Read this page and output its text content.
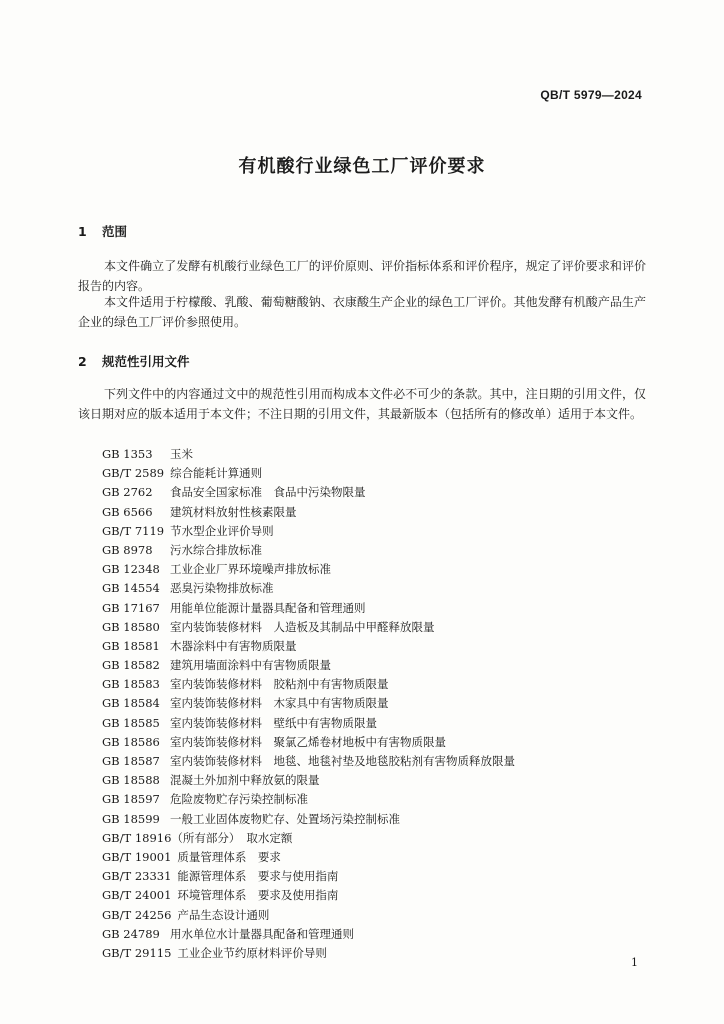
QB/T 5979—2024
有机酸行业绿色工厂评价要求
1 范围
本文件确立了发酵有机酸行业绿色工厂的评价原则、评价指标体系和评价程序，规定了评价要求和评价报告的内容。
本文件适用于柠檬酸、乳酸、葡萄糖酸钠、衣康酸生产企业的绿色工厂评价。其他发酵有机酸产品生产企业的绿色工厂评价参照使用。
2 规范性引用文件
下列文件中的内容通过文中的规范性引用而构成本文件必不可少的条款。其中，注日期的引用文件，仅该日期对应的版本适用于本文件；不注日期的引用文件，其最新版本（包括所有的修改单）适用于本文件。
GB 1353 玉米
GB/T 2589 综合能耗计算通则
GB 2762 食品安全国家标准　食品中污染物限量
GB 6566 建筑材料放射性核素限量
GB/T 7119 节水型企业评价导则
GB 8978 污水综合排放标准
GB 12348 工业企业厂界环境噪声排放标准
GB 14554 恶臭污染物排放标准
GB 17167 用能单位能源计量器具配备和管理通则
GB 18580 室内装饰装修材料　人造板及其制品中甲醛释放限量
GB 18581 木器涂料中有害物质限量
GB 18582 建筑用墙面涂料中有害物质限量
GB 18583 室内装饰装修材料　胶粘剂中有害物质限量
GB 18584 室内装饰装修材料　木家具中有害物质限量
GB 18585 室内装饰装修材料　壁纸中有害物质限量
GB 18586 室内装饰装修材料　聚氯乙烯卷材地板中有害物质限量
GB 18587 室内装饰装修材料　地毯、地毯衬垫及地毯胶粘剂有害物质释放限量
GB 18588 混凝土外加剂中释放氨的限量
GB 18597 危险废物贮存污染控制标准
GB 18599 一般工业固体废物贮存、处置场污染控制标准
GB/T 18916（所有部分） 取水定额
GB/T 19001 质量管理体系　要求
GB/T 23331 能源管理体系　要求与使用指南
GB/T 24001 环境管理体系　要求及使用指南
GB/T 24256 产品生态设计通则
GB 24789 用水单位水计量器具配备和管理通则
GB/T 29115 工业企业节约原材料评价导则
1
